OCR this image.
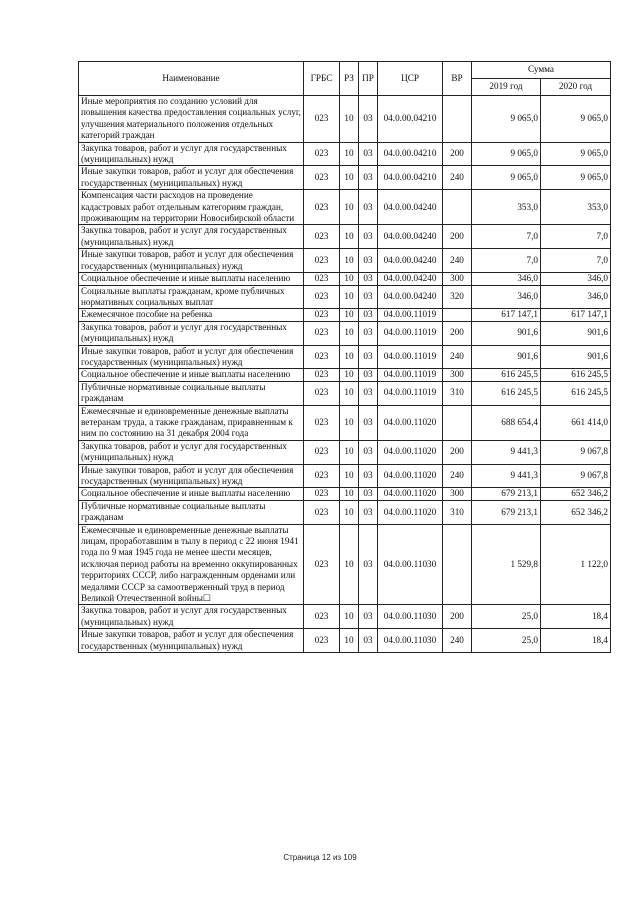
Наименование	ГРБС	РЗ	ПР	ЦСР	ВР	Сумма	
						2019 год	2020 год
Иные мероприятия по созданию условий для повышения качества предоставления социальных услуг, улучшения материального положения отдельных категорий граждан	023	10	03	04.0.00.04210		9 065,0	9 065,0
Закупка товаров, работ и услуг для государственных (муниципальных) нужд	023	10	03	04.0.00.04210	200	9 065,0	9 065,0
Иные закупки товаров, работ и услуг для обеспечения государственных (муниципальных) нужд	023	10	03	04.0.00.04210	240	9 065,0	9 065,0
Компенсация части расходов на проведение кадастровых работ отдельным категориям граждан, проживающим на территории Новосибирской области	023	10	03	04.0.00.04240		353,0	353,0
Закупка товаров, работ и услуг для государственных (муниципальных) нужд	023	10	03	04.0.00.04240	200	7,0	7,0
Иные закупки товаров, работ и услуг для обеспечения государственных (муниципальных) нужд	023	10	03	04.0.00.04240	240	7,0	7,0
Социальное обеспечение и иные выплаты населению	023	10	03	04.0.00.04240	300	346,0	346,0
Социальные выплаты гражданам, кроме публичных нормативных социальных выплат	023	10	03	04.0.00.04240	320	346,0	346,0
Ежемесячное пособие на ребенка	023	10	03	04.0.00.11019		617 147,1	617 147,1
Закупка товаров, работ и услуг для государственных (муниципальных) нужд	023	10	03	04.0.00.11019	200	901,6	901,6
Иные закупки товаров, работ и услуг для обеспечения государственных (муниципальных) нужд	023	10	03	04.0.00.11019	240	901,6	901,6
Социальное обеспечение и иные выплаты населению	023	10	03	04.0.00.11019	300	616 245,5	616 245,5
Публичные нормативные социальные выплаты гражданам	023	10	03	04.0.00.11019	310	616 245,5	616 245,5
Ежемесячные и единовременные денежные выплаты ветеранам труда, а также гражданам, приравненным к ним по состоянию на 31 декабря 2004 года	023	10	03	04.0.00.11020		688 654,4	661 414,0
Закупка товаров, работ и услуг для государственных (муниципальных) нужд	023	10	03	04.0.00.11020	200	9 441,3	9 067,8
Иные закупки товаров, работ и услуг для обеспечения государственных (муниципальных) нужд	023	10	03	04.0.00.11020	240	9 441,3	9 067,8
Социальное обеспечение и иные выплаты населению	023	10	03	04.0.00.11020	300	679 213,1	652 346,2
Публичные нормативные социальные выплаты гражданам	023	10	03	04.0.00.11020	310	679 213,1	652 346,2
Ежемесячные и единовременные денежные выплаты лицам, проработавшим в тылу в период с 22 июня 1941 года по 9 мая 1945 года не менее шести месяцев, исключая период работы на временно оккупированных территориях СССР, либо награжденным орденами или медалями СССР за самоотверженный труд в период Великой Отечественной войны☐	023	10	03	04.0.00.11030		1 529,8	1 122,0
Закупка товаров, работ и услуг для государственных (муниципальных) нужд	023	10	03	04.0.00.11030	200	25,0	18,4
Иные закупки товаров, работ и услуг для обеспечения государственных (муниципальных) нужд	023	10	03	04.0.00.11030	240	25,0	18,4
Страница 12 из 109
